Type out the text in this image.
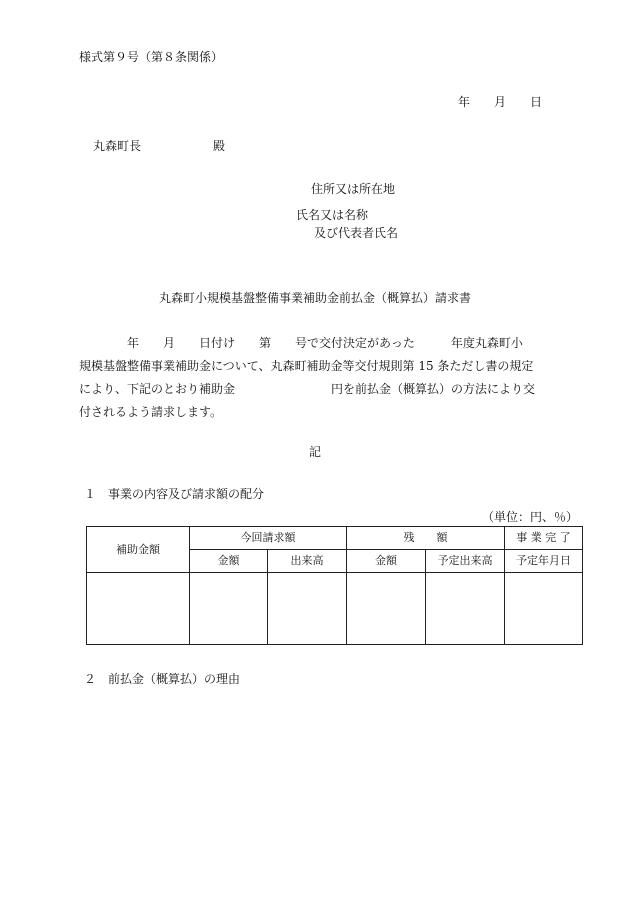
様式第９号（第８条関係）
年　　月　　日
丸森町長　　　　　　殿
住所又は所在地
氏名又は名称
及び代表者氏名
丸森町小規模基盤整備事業補助金前払金（概算払）請求書
　　　　年　　月　　日付け　　第　　号で交付決定があった　　　年度丸森町小
規模基盤整備事業補助金について、丸森町補助金等交付規則第 15 条ただし書の規定
により、下記のとおり補助金　　　　　　　　円を前払金（概算払）の方法により交
付されるよう請求します。
記
１　事業の内容及び請求額の配分
（単位：円、％）
補助金額	今回請求額		残　　額		事 業 完 了
	金額	出来高	金額	予定出来高	予定年月日

２　前払金（概算払）の理由
